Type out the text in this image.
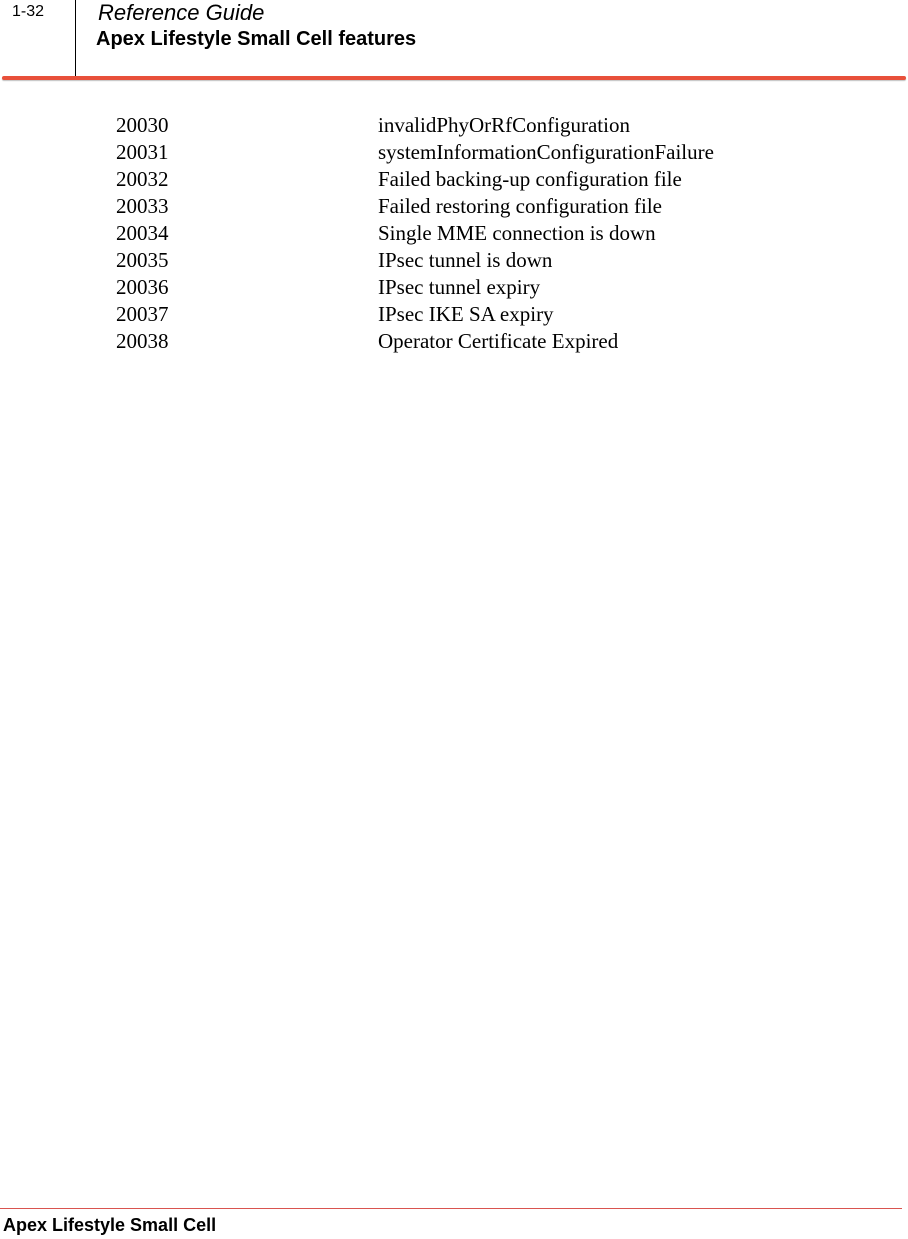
1-32 Reference Guide
Apex Lifestyle Small Cell features
20030	invalidPhyOrRfConfiguration
20031	systemInformationConfigurationFailure
20032	Failed backing-up configuration file
20033	Failed restoring configuration file
20034	Single MME connection is down
20035	IPsec tunnel is down
20036	IPsec tunnel expiry
20037	IPsec IKE SA expiry
20038	Operator Certificate Expired
Apex Lifestyle Small Cell
